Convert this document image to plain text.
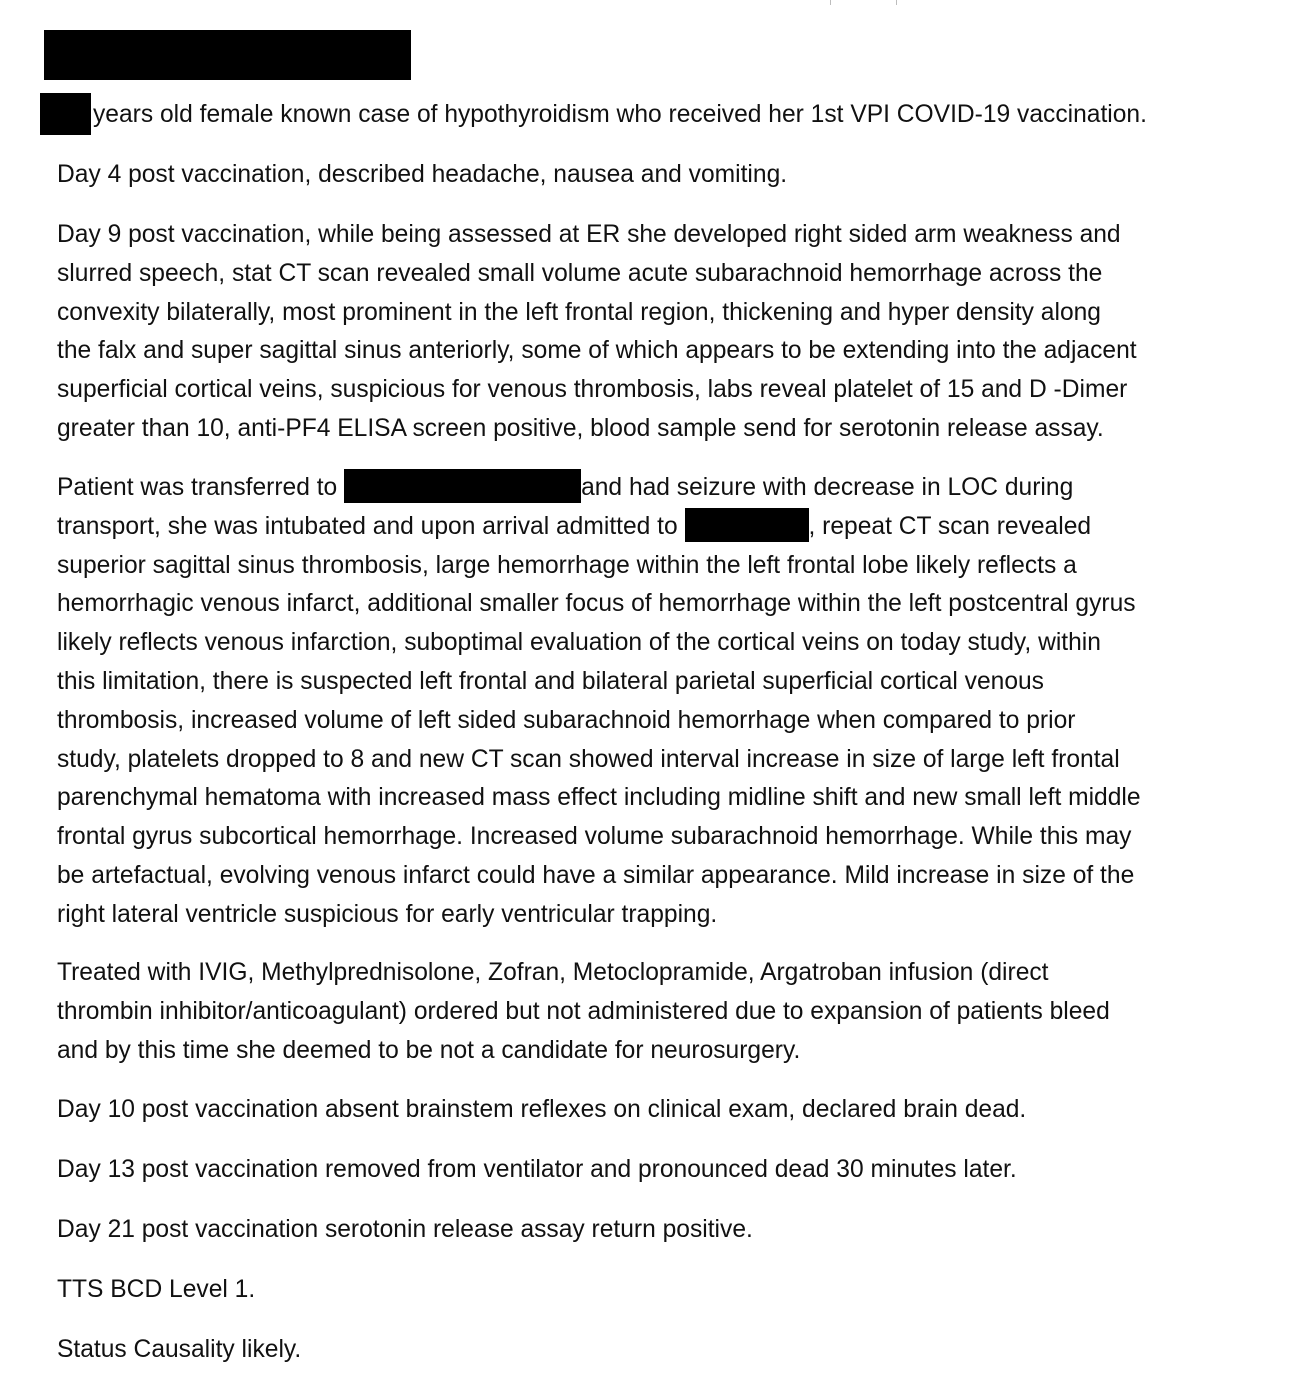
years old female known case of hypothyroidism who received her 1st VPI COVID-19 vaccination.
Day 4 post vaccination, described headache, nausea and vomiting.
Day 9 post vaccination, while being assessed at ER she developed right sided arm weakness and
slurred speech, stat CT scan revealed small volume acute subarachnoid hemorrhage across the
convexity bilaterally, most prominent in the left frontal region, thickening and hyper density along
the falx and super sagittal sinus anteriorly, some of which appears to be extending into the adjacent
superficial cortical veins, suspicious for venous thrombosis, labs reveal platelet of 15 and D -Dimer
greater than 10, anti-PF4 ELISA screen positive, blood sample send for serotonin release assay.
Patient was transferred to	and had seizure with decrease in LOC during
transport, she was intubated and upon arrival admitted to	, repeat CT scan revealed
superior sagittal sinus thrombosis, large hemorrhage within the left frontal lobe likely reflects a
hemorrhagic venous infarct, additional smaller focus of hemorrhage within the left postcentral gyrus
likely reflects venous infarction, suboptimal evaluation of the cortical veins on today study, within
this limitation, there is suspected left frontal and bilateral parietal superficial cortical venous
thrombosis, increased volume of left sided subarachnoid hemorrhage when compared to prior
study, platelets dropped to 8 and new CT scan showed interval increase in size of large left frontal
parenchymal hematoma with increased mass effect including midline shift and new small left middle
frontal gyrus subcortical hemorrhage. Increased volume subarachnoid hemorrhage. While this may
be artefactual, evolving venous infarct could have a similar appearance. Mild increase in size of the
right lateral ventricle suspicious for early ventricular trapping.
Treated with IVIG, Methylprednisolone, Zofran, Metoclopramide, Argatroban infusion (direct
thrombin inhibitor/anticoagulant) ordered but not administered due to expansion of patients bleed
and by this time she deemed to be not a candidate for neurosurgery.
Day 10 post vaccination absent brainstem reflexes on clinical exam, declared brain dead.
Day 13 post vaccination removed from ventilator and pronounced dead 30 minutes later.
Day 21 post vaccination serotonin release assay return positive.
TTS BCD Level 1.
Status Causality likely.
